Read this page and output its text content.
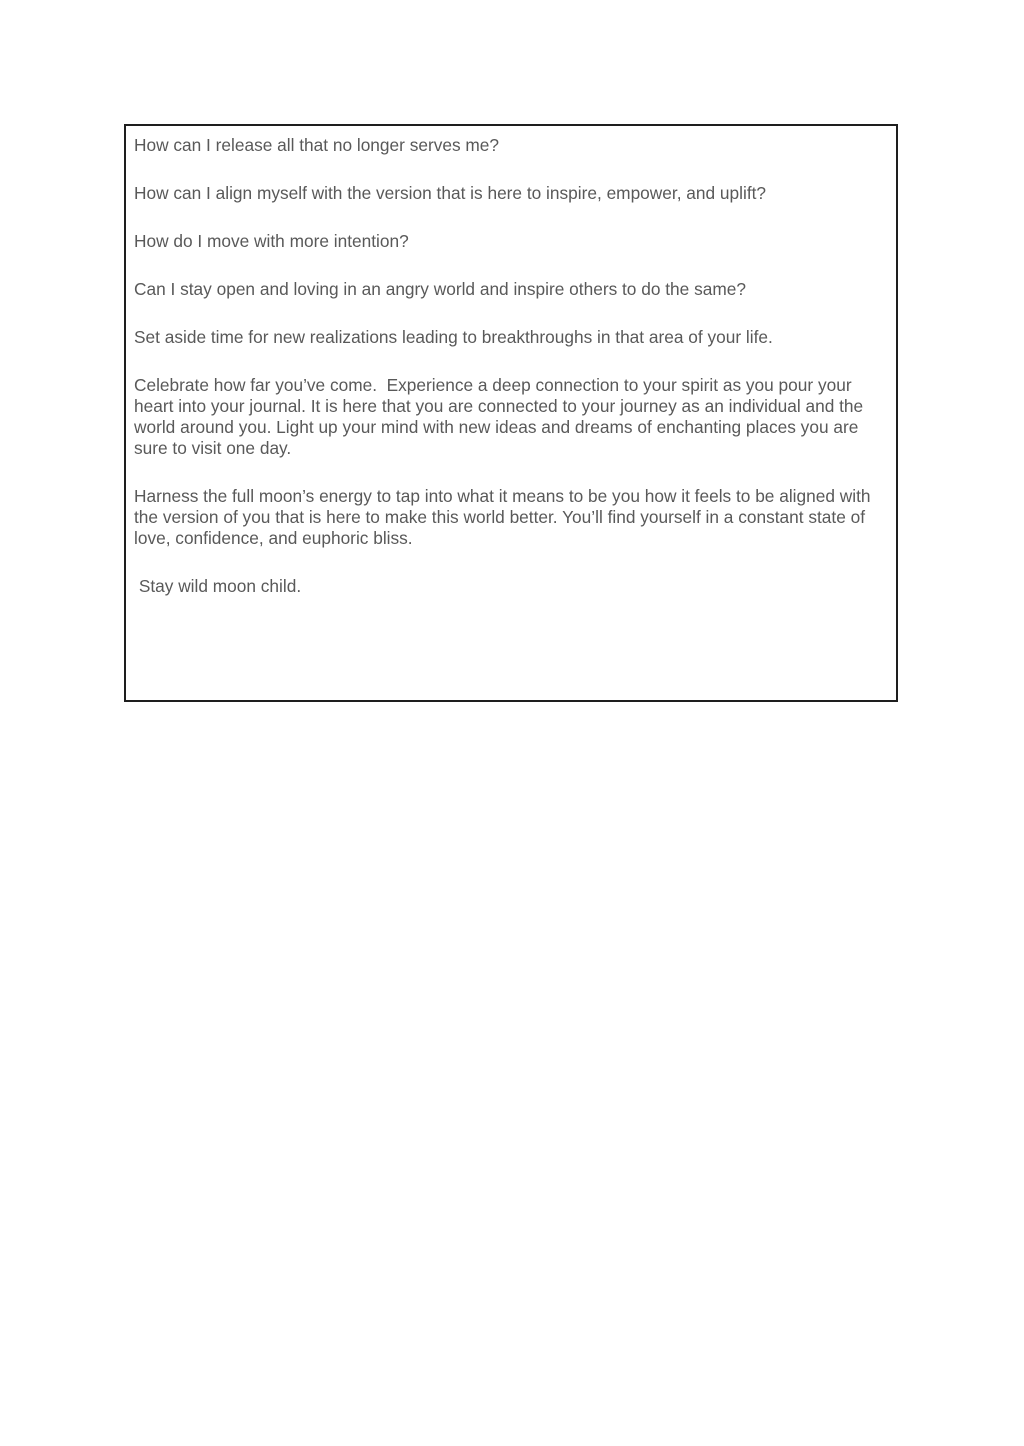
How can I release all that no longer serves me?

How can I align myself with the version that is here to inspire, empower, and uplift?

How do I move with more intention?

Can I stay open and loving in an angry world and inspire others to do the same?

Set aside time for new realizations leading to breakthroughs in that area of your life.

Celebrate how far you’ve come.  Experience a deep connection to your spirit as you pour your heart into your journal. It is here that you are connected to your journey as an individual and the world around you. Light up your mind with new ideas and dreams of enchanting places you are sure to visit one day.

Harness the full moon’s energy to tap into what it means to be you how it feels to be aligned with the version of you that is here to make this world better. You’ll find yourself in a constant state of love, confidence, and euphoric bliss.

Stay wild moon child.
